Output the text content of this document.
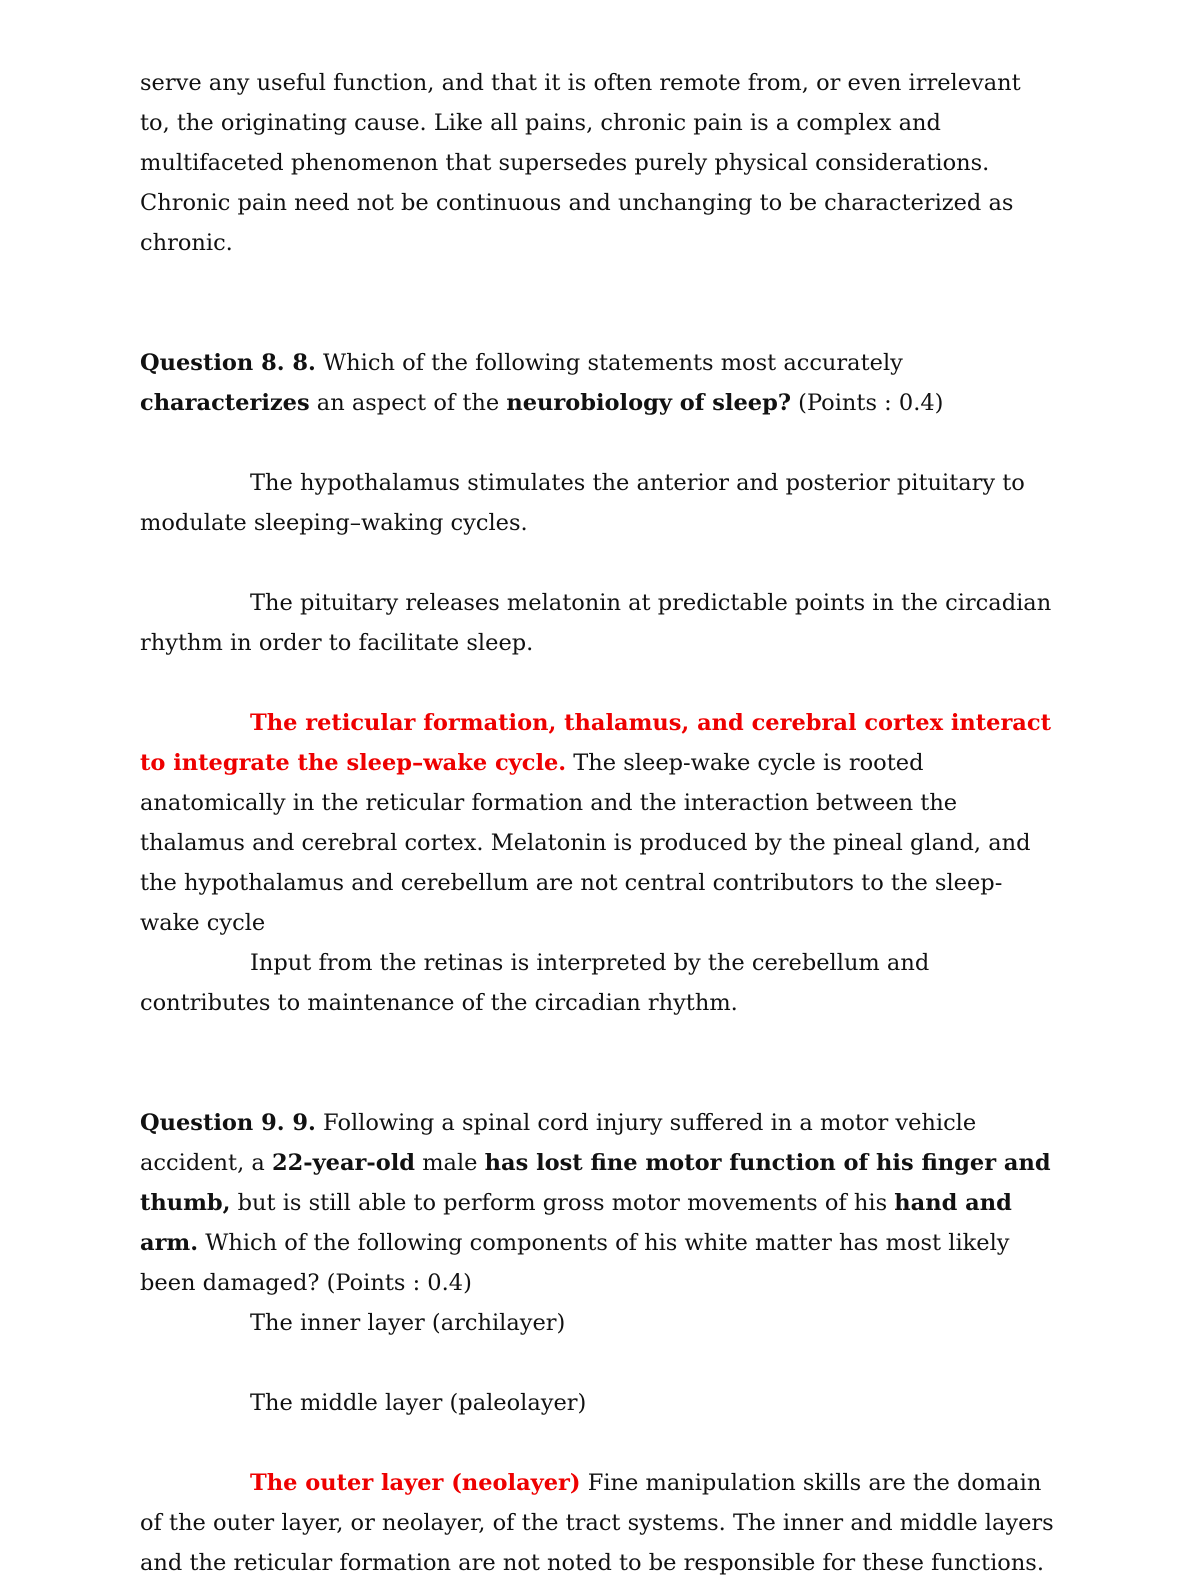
serve any useful function, and that it is often remote from, or even irrelevant to, the originating cause. Like all pains, chronic pain is a complex and multifaceted phenomenon that supersedes purely physical considerations. Chronic pain need not be continuous and unchanging to be characterized as chronic.

Question 8. 8. Which of the following statements most accurately characterizes an aspect of the neurobiology of sleep? (Points : 0.4)

The hypothalamus stimulates the anterior and posterior pituitary to modulate sleeping–waking cycles.

The pituitary releases melatonin at predictable points in the circadian rhythm in order to facilitate sleep.

The reticular formation, thalamus, and cerebral cortex interact to integrate the sleep–wake cycle. The sleep-wake cycle is rooted anatomically in the reticular formation and the interaction between the thalamus and cerebral cortex. Melatonin is produced by the pineal gland, and the hypothalamus and cerebellum are not central contributors to the sleep-wake cycle

Input from the retinas is interpreted by the cerebellum and contributes to maintenance of the circadian rhythm.

Question 9. 9. Following a spinal cord injury suffered in a motor vehicle accident, a 22-year-old male has lost fine motor function of his finger and thumb, but is still able to perform gross motor movements of his hand and arm. Which of the following components of his white matter has most likely been damaged? (Points : 0.4)

The inner layer (archilayer)

The middle layer (paleolayer)

The outer layer (neolayer) Fine manipulation skills are the domain of the outer layer, or neolayer, of the tract systems. The inner and middle layers and the reticular formation are not noted to be responsible for these functions.
